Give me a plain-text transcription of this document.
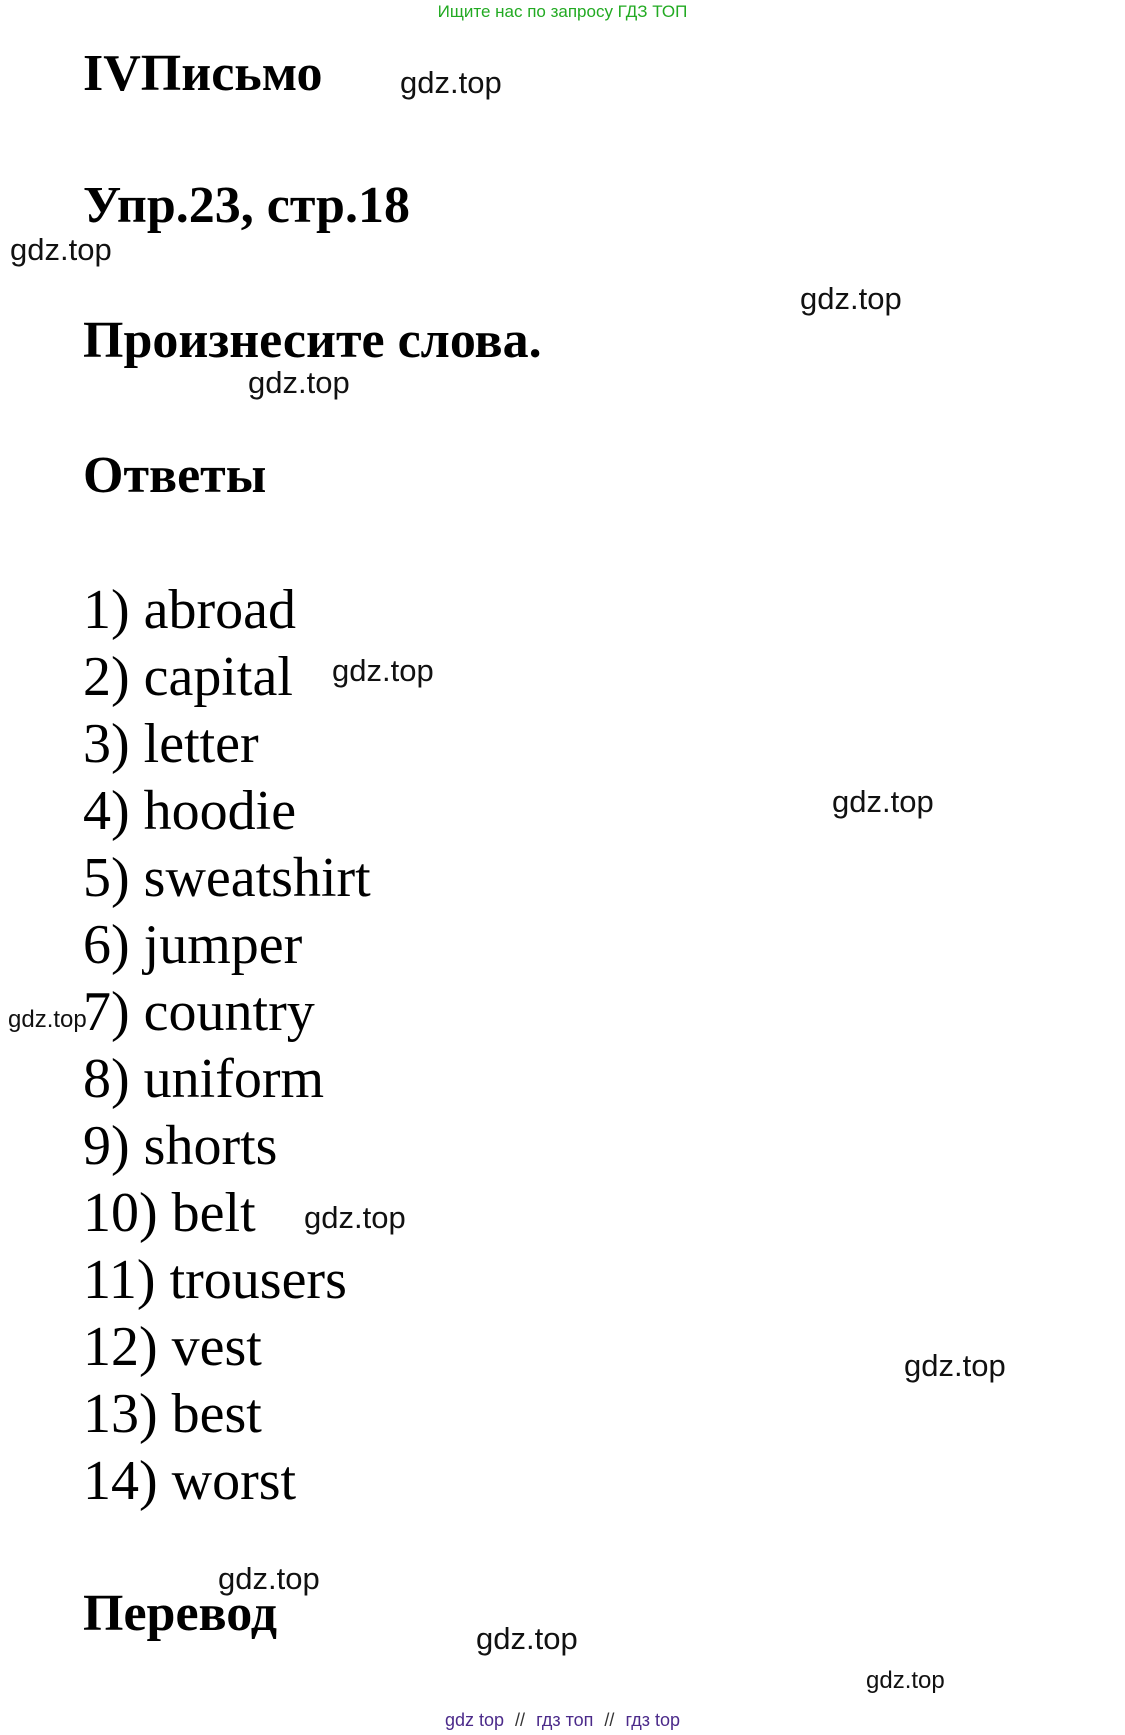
Ищите нас по запросу ГДЗ ТОП
IVПисьмо
Упр.23, стр.18
Произнесите слова.
Ответы
1) abroad
2) capital
3) letter
4) hoodie
5) sweatshirt
6) jumper
7) country
8) uniform
9) shorts
10) belt
11) trousers
12) vest
13) best
14) worst
Перевод
gdz.top
gdz.top
gdz.top
gdz.top
gdz.top
gdz.top
gdz.top
gdz.top
gdz.top
gdz.top
gdz.top
gdz.top
gdz top // гдз топ // гдз top
